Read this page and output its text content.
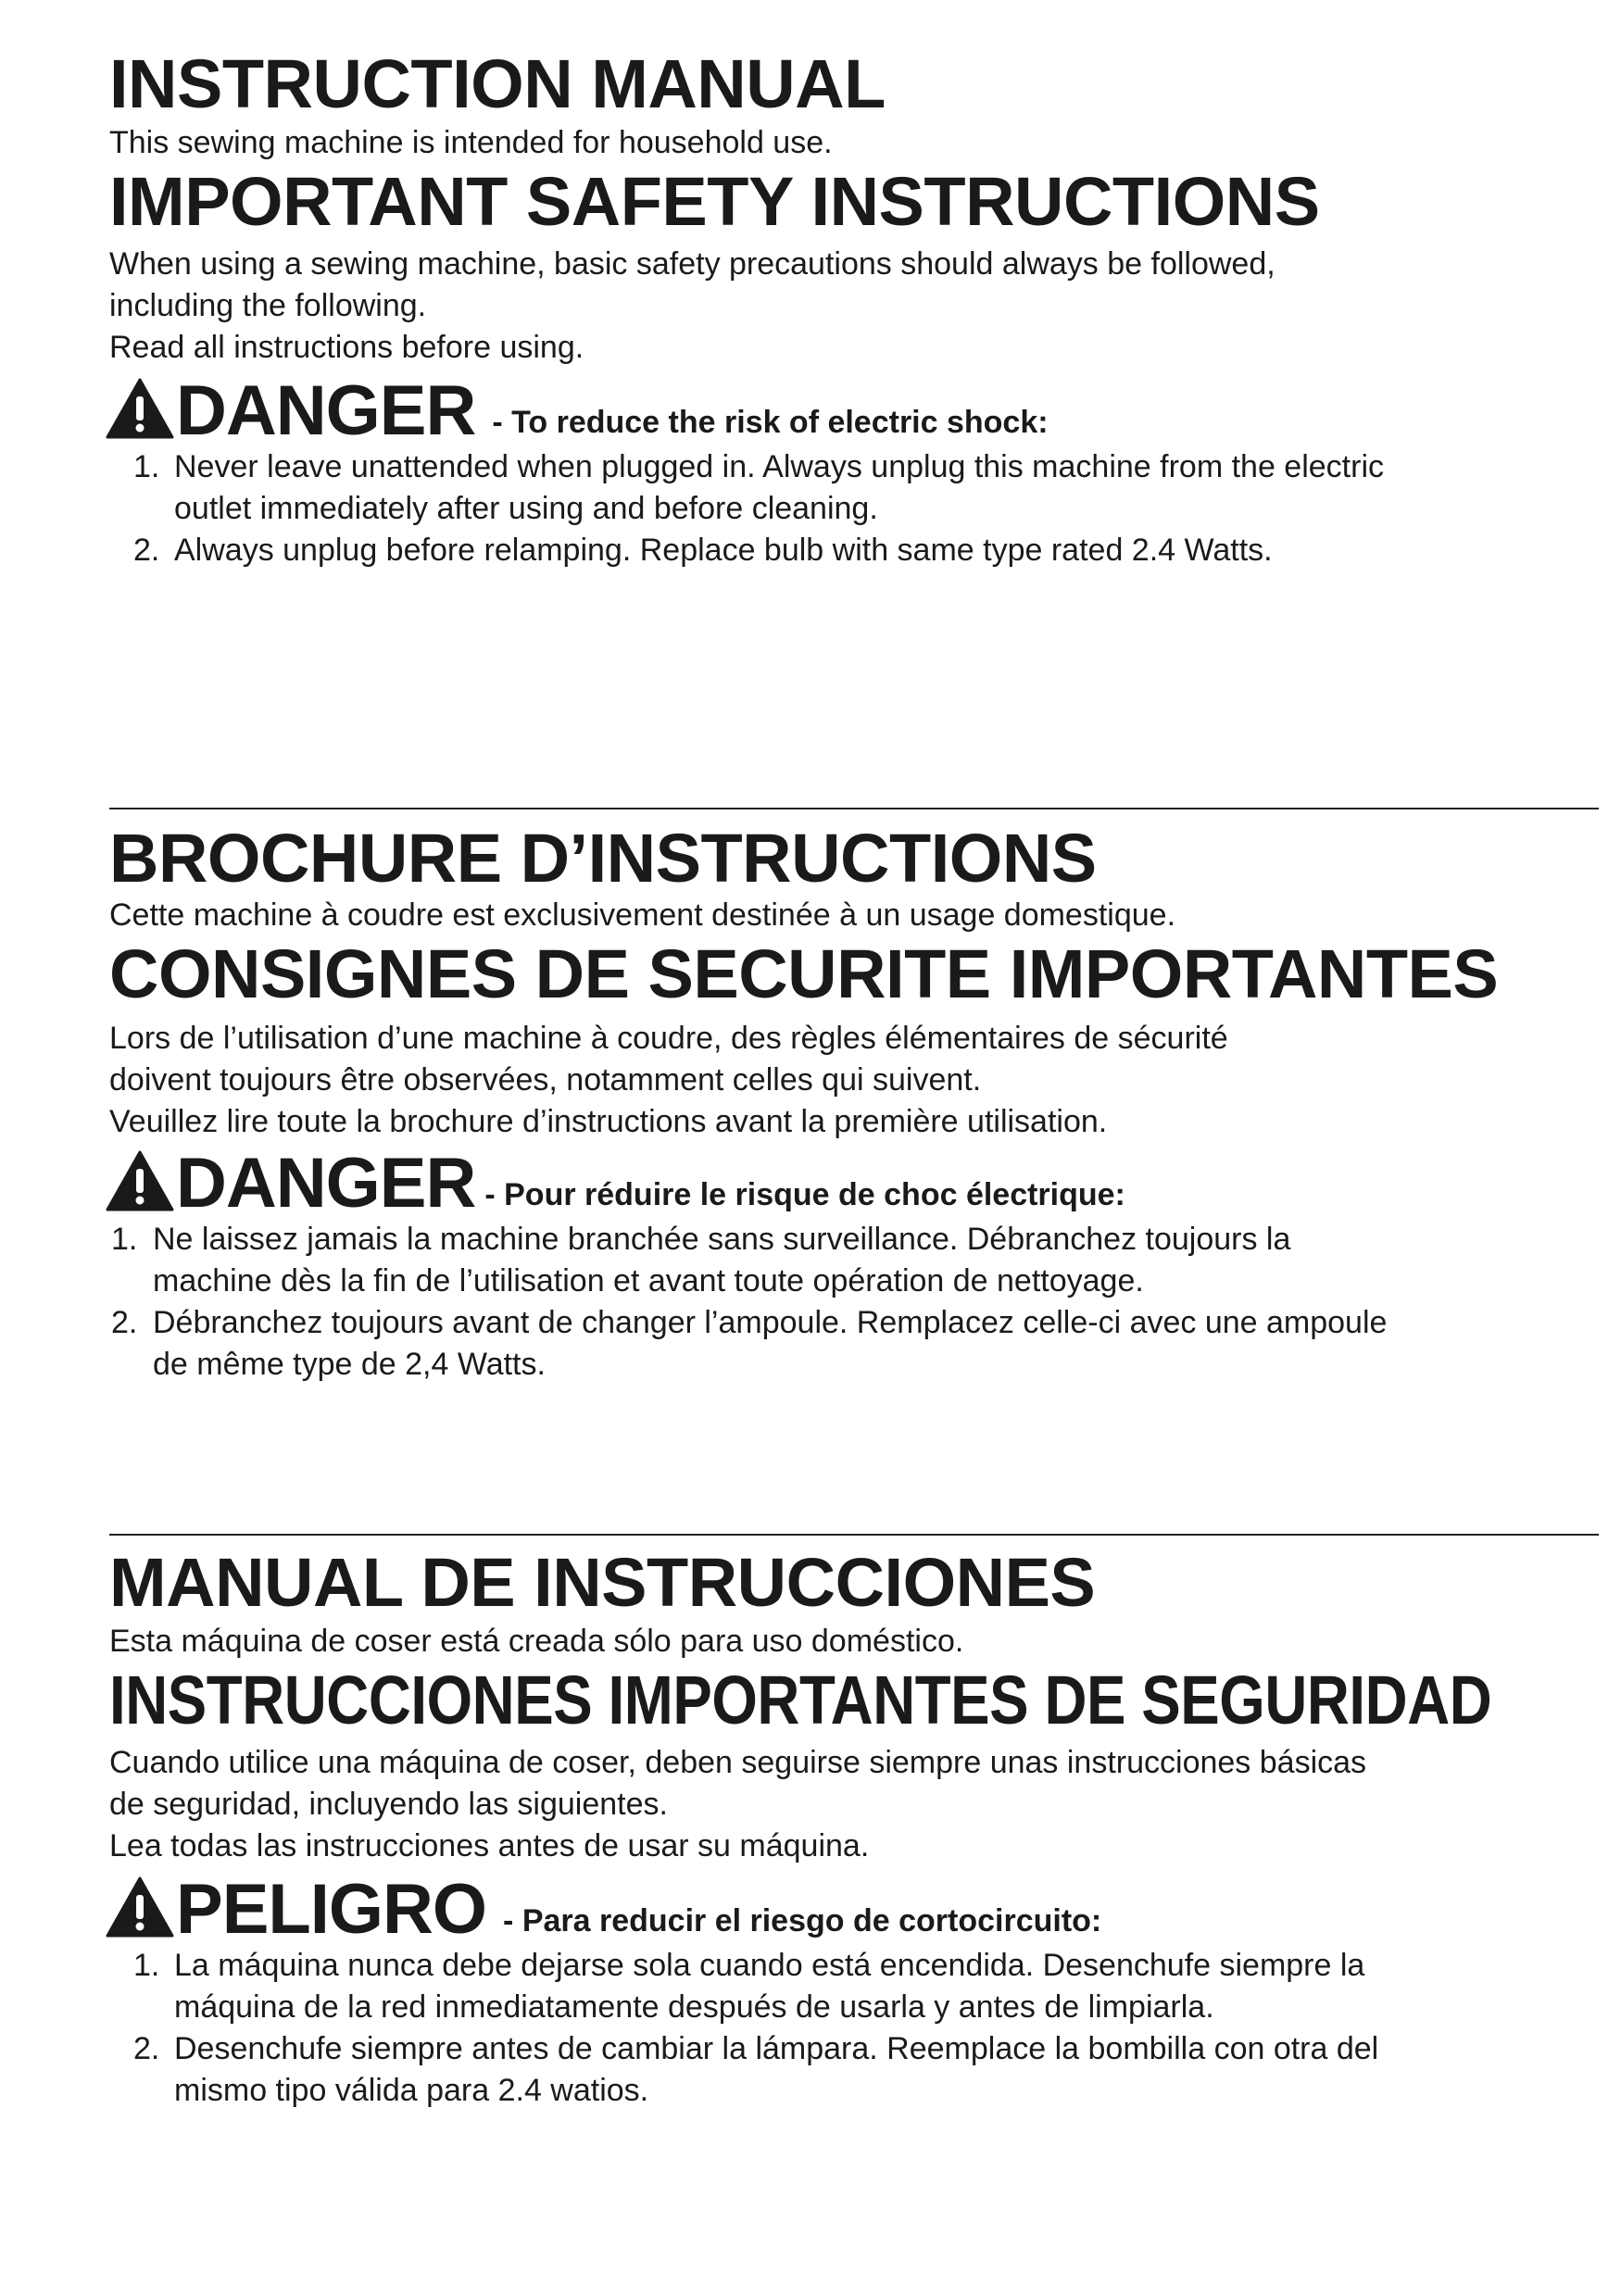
INSTRUCTION MANUAL

This sewing machine is intended for household use.

IMPORTANT SAFETY INSTRUCTIONS

When using a sewing machine, basic safety precautions should always be followed,

including the following.

Read all instructions before using.

DANGER - To reduce the risk of electric shock:
1. Never leave unattended when plugged in. Always unplug this machine from the electric
outlet immediately after using and before cleaning.
2. Always unplug before relamping. Replace bulb with same type rated 2.4 Watts.
BROCHURE D’INSTRUCTIONS

Cette machine à coudre est exclusivement destinée à un usage domestique.

CONSIGNES DE SECURITE IMPORTANTES

Lors de l’utilisation d’une machine à coudre, des règles élémentaires de sécurité

doivent toujours être observées, notamment celles qui suivent.

Veuillez lire toute la brochure d’instructions avant la première utilisation.

DANGER - Pour réduire le risque de choc électrique:
1. Ne laissez jamais la machine branchée sans surveillance. Débranchez toujours la
machine dès la fin de l’utilisation et avant toute opération de nettoyage.
2. Débranchez toujours avant de changer l’ampoule. Remplacez celle-ci avec une ampoule
de même type de 2,4 Watts.
MANUAL DE INSTRUCCIONES

Esta máquina de coser está creada sólo para uso doméstico.

INSTRUCCIONES IMPORTANTES DE SEGURIDAD

Cuando utilice una máquina de coser, deben seguirse siempre unas instrucciones básicas

de seguridad, incluyendo las siguientes.

Lea todas las instrucciones antes de usar su máquina.

PELIGRO - Para reducir el riesgo de cortocircuito:
1. La máquina nunca debe dejarse sola cuando está encendida. Desenchufe siempre la
máquina de la red inmediatamente después de usarla y antes de limpiarla.
2. Desenchufe siempre antes de cambiar la lámpara. Reemplace la bombilla con otra del
mismo tipo válida para 2.4 watios.
